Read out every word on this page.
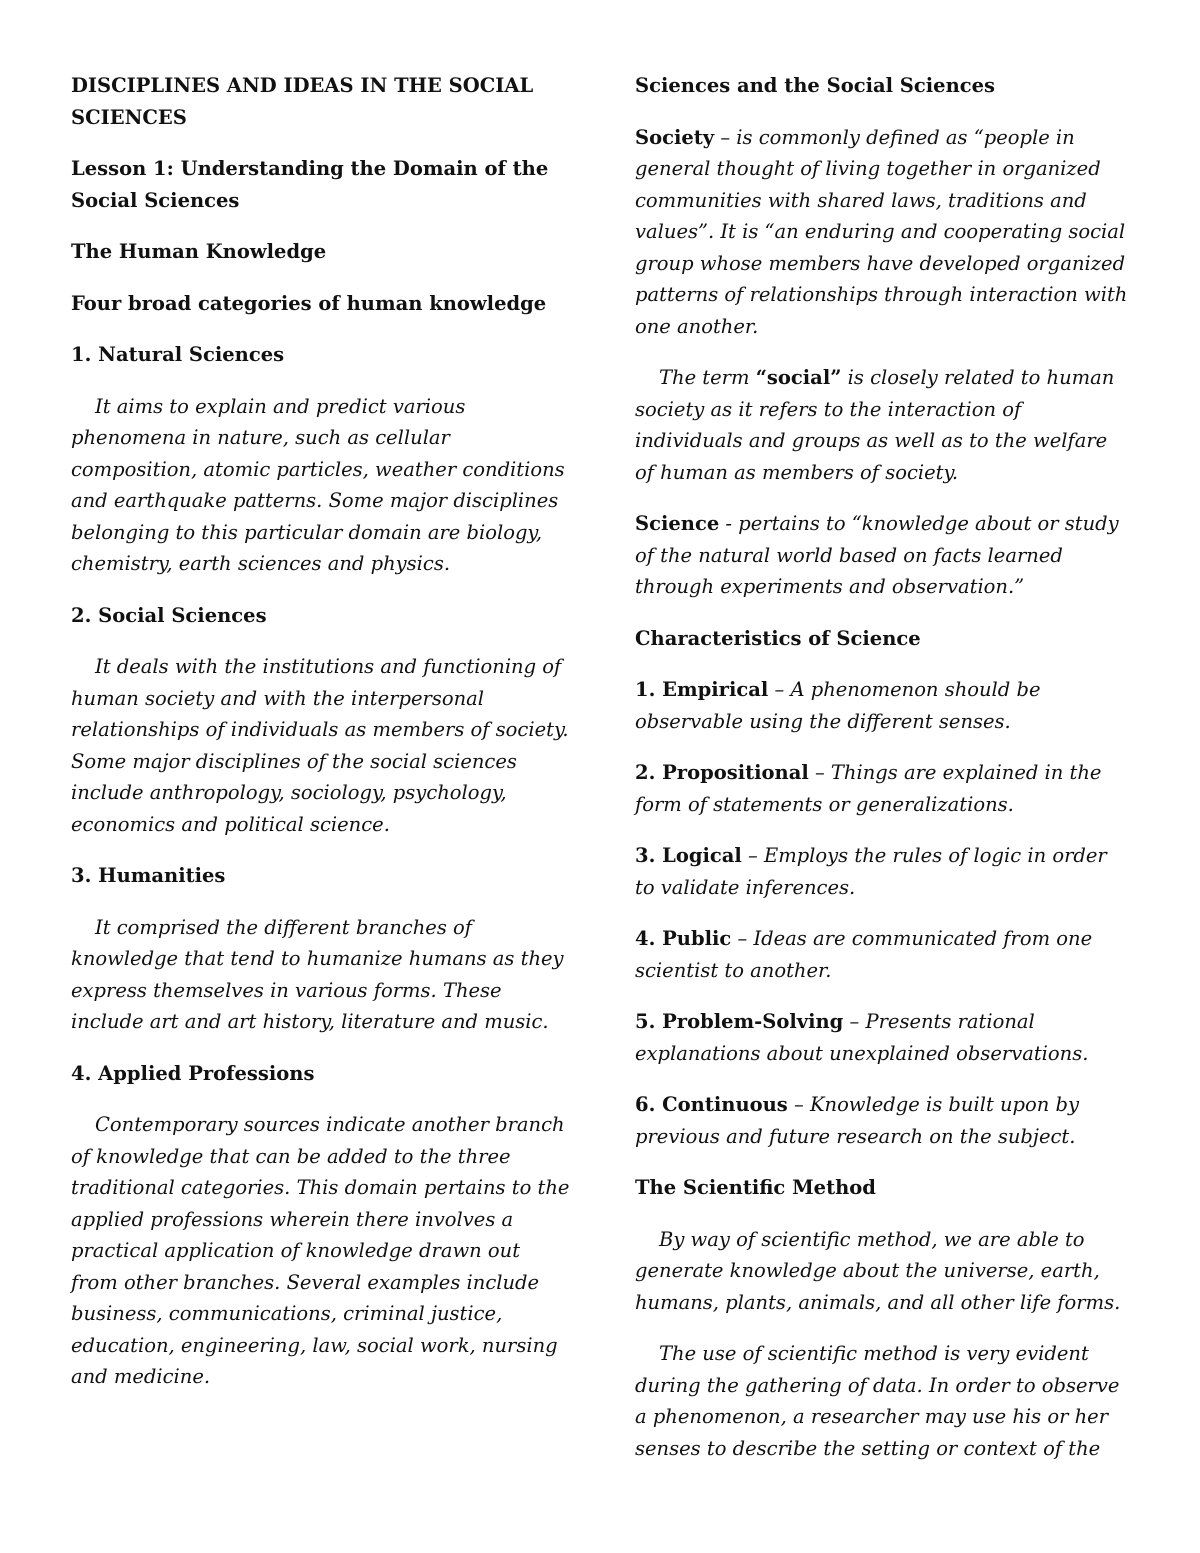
DISCIPLINES AND IDEAS IN THE SOCIAL SCIENCES

Lesson 1: Understanding the Domain of the Social Sciences

The Human Knowledge

Four broad categories of human knowledge

1. Natural Sciences

It aims to explain and predict various phenomena in nature, such as cellular composition, atomic particles, weather conditions and earthquake patterns. Some major disciplines belonging to this particular domain are biology, chemistry, earth sciences and physics.

2. Social Sciences

It deals with the institutions and functioning of human society and with the interpersonal relationships of individuals as members of society. Some major disciplines of the social sciences include anthropology, sociology, psychology, economics and political science.

3. Humanities

It comprised the different branches of knowledge that tend to humanize humans as they express themselves in various forms. These include art and art history, literature and music.

4. Applied Professions

Contemporary sources indicate another branch of knowledge that can be added to the three traditional categories. This domain pertains to the applied professions wherein there involves a practical application of knowledge drawn out from other branches. Several examples include business, communications, criminal justice, education, engineering, law, social work, nursing and medicine.

Sciences and the Social Sciences

Society – is commonly defined as “people in general thought of living together in organized communities with shared laws, traditions and values”. It is “an enduring and cooperating social group whose members have developed organized patterns of relationships through interaction with one another.

The term “social” is closely related to human society as it refers to the interaction of individuals and groups as well as to the welfare of human as members of society.

Science - pertains to “knowledge about or study of the natural world based on facts learned through experiments and observation.”

Characteristics of Science

1. Empirical – A phenomenon should be observable using the different senses.

2. Propositional – Things are explained in the form of statements or generalizations.

3. Logical – Employs the rules of logic in order to validate inferences.

4. Public – Ideas are communicated from one scientist to another.

5. Problem-Solving – Presents rational explanations about unexplained observations.

6. Continuous – Knowledge is built upon by previous and future research on the subject.

The Scientific Method

By way of scientific method, we are able to generate knowledge about the universe, earth, humans, plants, animals, and all other life forms.

The use of scientific method is very evident during the gathering of data. In order to observe a phenomenon, a researcher may use his or her senses to describe the setting or context of the
